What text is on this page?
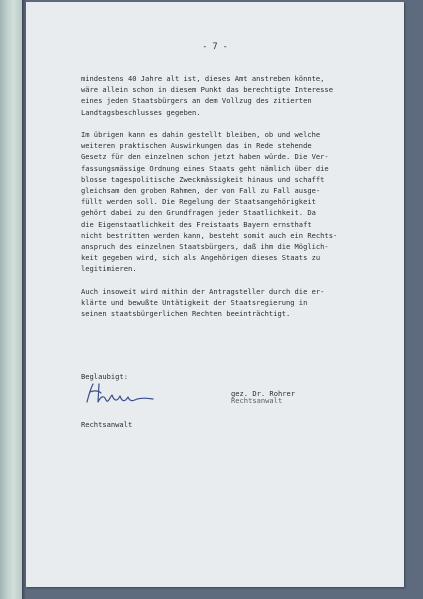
- 7 -
mindestens 40 Jahre alt ist, dieses Amt anstreben könnte,
wäre allein schon in diesem Punkt das berechtigte Interesse
eines jeden Staatsbürgers an dem Vollzug des zitierten
Landtagsbeschlusses gegeben.
Im übrigen kann es dahin gestellt bleiben, ob und welche
weiteren praktischen Auswirkungen das in Rede stehende
Gesetz für den einzelnen schon jetzt haben würde. Die Ver-
fassungsmässige Ordnung eines Staats geht nämlich über die
blosse tagespolitische Zweckmässigkeit hinaus und schafft
gleichsam den groben Rahmen, der von Fall zu Fall ausge-
füllt werden soll. Die Regelung der Staatsangehörigkeit
gehört dabei zu den Grundfragen jeder Staatlichkeit. Da
die Eigenstaatlichkeit des Freistaats Bayern ernsthaft
nicht bestritten werden kann, besteht somit auch ein Rechts-
anspruch des einzelnen Staatsbürgers, daß ihm die Möglich-
keit gegeben wird, sich als Angehörigen dieses Staats zu
legitimieren.
Auch insoweit wird mithin der Antragsteller durch die er-
klärte und bewußte Untätigkeit der Staatsregierung in
seinen staatsbürgerlichen Rechten beeinträchtigt.
Beglaubigt:
gez. Dr. Rohrer
Rechtsanwalt
Rechtsanwalt
